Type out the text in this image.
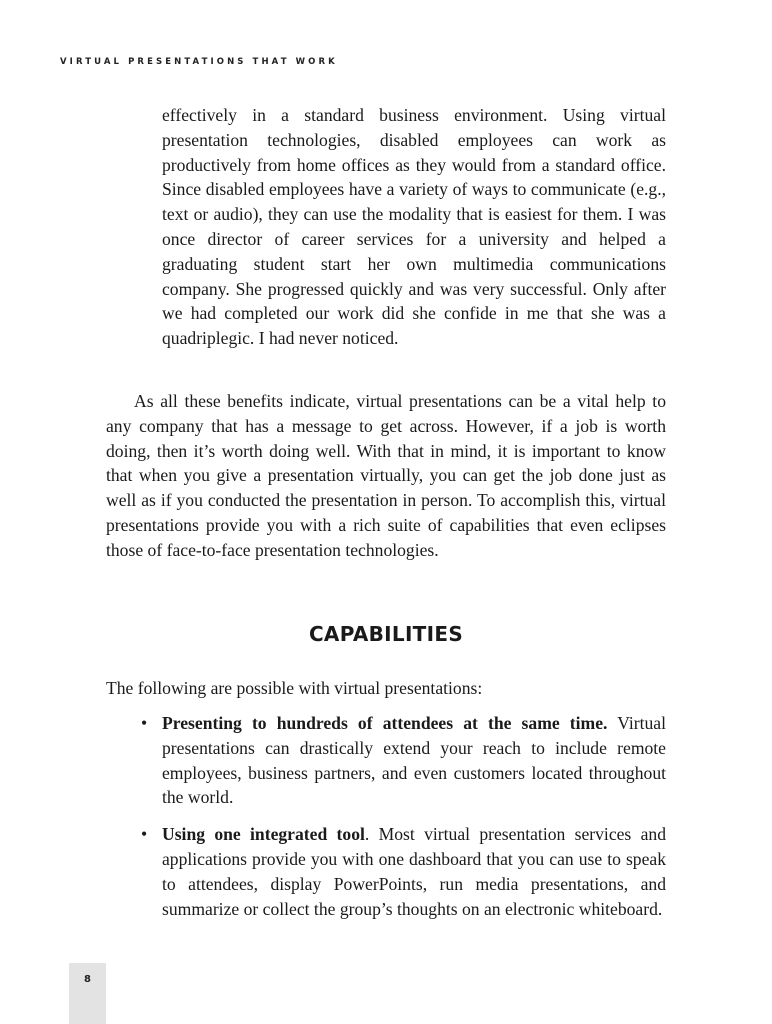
VIRTUAL PRESENTATIONS THAT WORK

effectively in a standard business environment. Using virtual presentation technologies, disabled employees can work as productively from home offices as they would from a standard office. Since disabled employees have a variety of ways to communicate (e.g., text or audio), they can use the modality that is easiest for them. I was once director of career services for a university and helped a graduating student start her own multimedia communications company. She progressed quickly and was very successful. Only after we had completed our work did she confide in me that she was a quadriplegic. I had never noticed.

As all these benefits indicate, virtual presentations can be a vital help to any company that has a message to get across. However, if a job is worth doing, then it’s worth doing well. With that in mind, it is important to know that when you give a presentation virtually, you can get the job done just as well as if you conducted the presentation in person. To accomplish this, virtual presentations provide you with a rich suite of capabilities that even eclipses those of face-to-face presentation technologies.

CAPABILITIES

The following are possible with virtual presentations:

• Presenting to hundreds of attendees at the same time. Virtual presentations can drastically extend your reach to include remote employees, business partners, and even customers located throughout the world.
• Using one integrated tool. Most virtual presentation services and applications provide you with one dashboard that you can use to speak to attendees, display PowerPoints, run media presentations, and summarize or collect the group’s thoughts on an electronic whiteboard.
8
